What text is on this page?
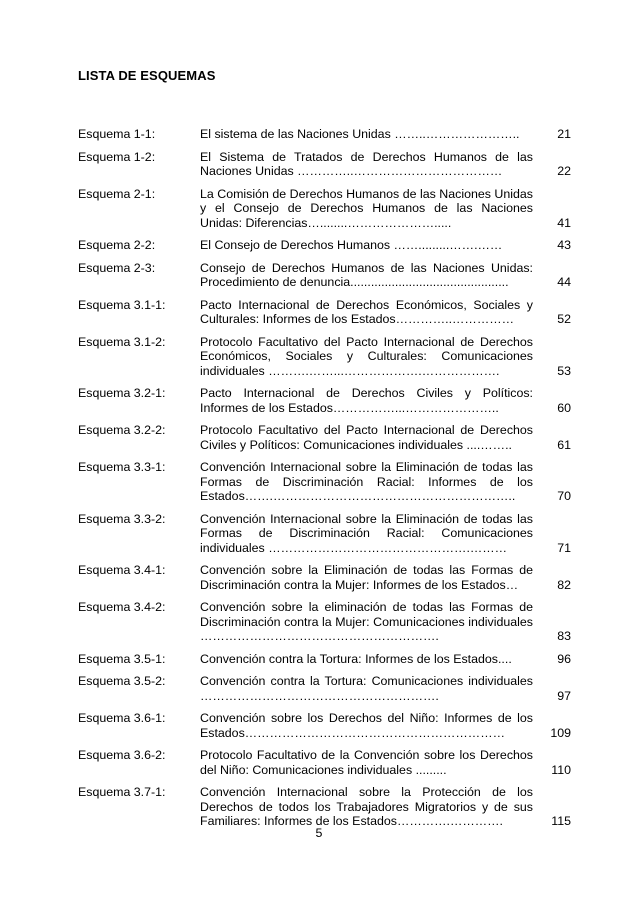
LISTA DE ESQUEMAS
Esquema 1-1:	El sistema de las Naciones Unidas ……..…………………..	21
Esquema 1-2:	El Sistema de Tratados de Derechos Humanos de las Naciones Unidas …………..………………………………	22
Esquema 2-1:	La Comisión de Derechos Humanos de las Naciones Unidas y el Consejo de Derechos Humanos de las Naciones Unidas: Diferencias…........………………….....	41
Esquema 2-2:	El Consejo de Derechos Humanos …….........…….……	43
Esquema 2-3:	Consejo de Derechos Humanos de las Naciones Unidas: Procedimiento de denuncia..............................................	44
Esquema 3.1-1:	Pacto Internacional de Derechos Económicos, Sociales y Culturales: Informes de los Estados…………..……………	52
Esquema 3.1-2:	Protocolo Facultativo del Pacto Internacional de Derechos Económicos, Sociales y Culturales: Comunicaciones individuales ……….……...……………….……………….	53
Esquema 3.2-1:	Pacto Internacional de Derechos Civiles y Políticos: Informes de los Estados……………...…………………..	60
Esquema 3.2-2:	Protocolo Facultativo del Pacto Internacional de Derechos Civiles y Políticos: Comunicaciones individuales ....……..	61
Esquema 3.3-1:	Convención Internacional sobre la Eliminación de todas las Formas de Discriminación Racial: Informes de los Estados…….…………………………………………………..	70
Esquema 3.3-2:	Convención Internacional sobre la Eliminación de todas las Formas de Discriminación Racial: Comunicaciones individuales ………………………………………….………	71
Esquema 3.4-1:	Convención sobre la Eliminación de todas las Formas de Discriminación contra la Mujer: Informes de los Estados…	82
Esquema 3.4-2:	Convención sobre la eliminación de todas las Formas de Discriminación contra la Mujer: Comunicaciones individuales ………………………………………………….	83
Esquema 3.5-1:	Convención contra la Tortura: Informes de los Estados....	96
Esquema 3.5-2:	Convención contra la Tortura: Comunicaciones individuales ………………………………………………….	97
Esquema 3.6-1:	Convención sobre los Derechos del Niño: Informes de los Estados………………………………………………………	109
Esquema 3.6-2:	Protocolo Facultativo de la Convención sobre los Derechos del Niño: Comunicaciones individuales .........	110
Esquema 3.7-1:	Convención Internacional sobre la Protección de los Derechos de todos los Trabajadores Migratorios y de sus Familiares: Informes de los Estados………….………….	115
5
